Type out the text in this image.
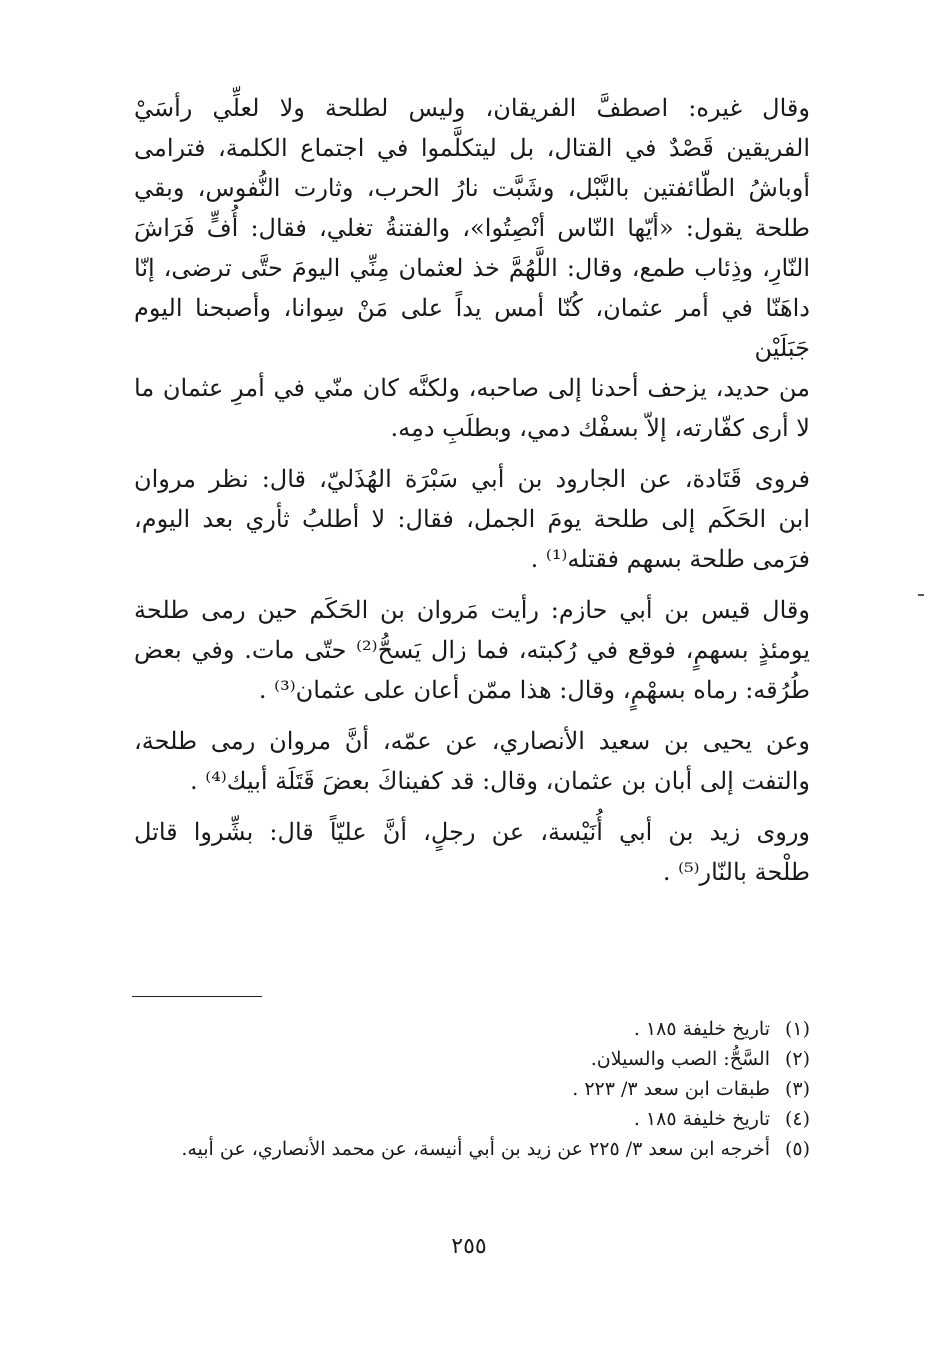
وقال غيره: اصطفَّ الفريقان، وليس لطلحة ولا لعلِّي رأسَيْ
الفريقين قَصْدٌ في القتال، بل ليتكلَّموا في اجتماع الكلمة، فترامى
أوباشُ الطّائفتين بالنَّبْل، وشَبَّت نارُ الحرب، وثارت النُّفوس، وبقي
طلحة يقول: «أيّها النّاس أنْصِتُوا»، والفتنةُ تغلي، فقال: أُفٍّ فَرَاشَ
النّارِ، وذِئاب طمع، وقال: اللَّهُمَّ خذ لعثمان مِنِّي اليومَ حتَّى ترضى، إنّا
داهَنّا في أمر عثمان، كُنّا أمس يداً على مَنْ سِوانا، وأصبحنا اليوم جَبَلَيْن
من حديد، يزحف أحدنا إلى صاحبه، ولكنَّه كان منّي في أمرِ عثمان ما
لا أرى كفّارته، إلاّ بسفْك دمي، وبطلَبِ دمِه.

فروى قَتَادة، عن الجارود بن أبي سَبْرَة الهُذَليّ، قال: نظر مروان
ابن الحَكَم إلى طلحة يومَ الجمل، فقال: لا أطلبُ ثأري بعد اليوم،
فرَمى طلحة بسهم فقتله⁽¹⁾ .

وقال قيس بن أبي حازم: رأيت مَروان بن الحَكَم حين رمى طلحة
يومئذٍ بسهمٍ، فوقع في رُكبته، فما زال يَسحُّ⁽²⁾ حتّى مات. وفي بعض
طُرُقه: رماه بسهْمٍ، وقال: هذا ممّن أعان على عثمان⁽³⁾ .

وعن يحيى بن سعيد الأنصاري، عن عمّه، أنَّ مروان رمى طلحة،
والتفت إلى أبان بن عثمان، وقال: قد كفيناكَ بعضَ قَتَلَة أبيك⁽⁴⁾ .

وروى زيد بن أبي أُنَيْسة، عن رجلٍ، أنَّ عليّاً قال: بشِّروا قاتل
طلْحة بالنّار⁽⁵⁾ .

(١)
تاريخ خليفة ١٨٥ .
(٢)
السَّحُّ: الصب والسيلان.
(٣)
طبقات ابن سعد ٣/ ٢٢٣ .
(٤)
تاريخ خليفة ١٨٥ .
(٥)
أخرجه ابن سعد ٣/ ٢٢٥ عن زيد بن أبي أنيسة، عن محمد الأنصاري، عن أبيه.
٢٥٥
